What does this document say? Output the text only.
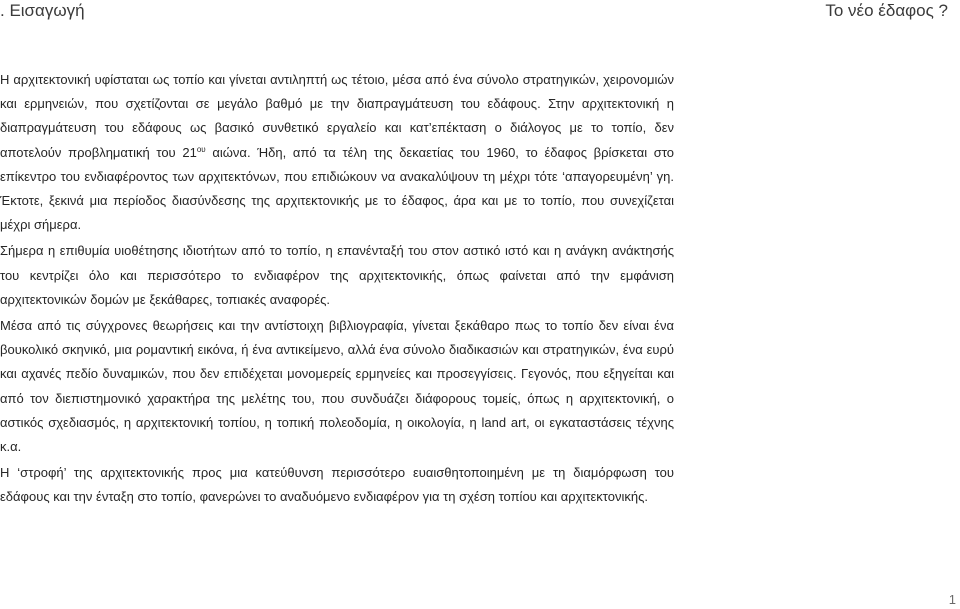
. Εισαγωγή	Το νέο έδαφος ?

Η αρχιτεκτονική υφίσταται ως τοπίο και γίνεται αντιληπτή ως τέτοιο, μέσα από ένα σύνολο στρατηγικών, χειρονομιών και ερμηνειών, που σχετίζονται σε μεγάλο βαθμό με την διαπραγμάτευση του εδάφους. Στην αρχιτεκτονική η διαπραγμάτευση του εδάφους ως βασικό συνθετικό εργαλείο και κατ’επέκταση ο διάλογος με το τοπίο, δεν αποτελούν προβληματική του $21^{o\upsilon}$ αιώνα. Ήδη, από τα τέλη της δεκαετίας του 1960, το έδαφος βρίσκεται στο επίκεντρο του ενδιαφέροντος των αρχιτεκτόνων, που επιδιώκουν να ανακαλύψουν τη μέχρι τότε ‘απαγορευμένη’ γη. Έκτοτε, ξεκινά μια περίοδος διασύνδεσης της αρχιτεκτονικής με το έδαφος, άρα και με το τοπίο, που συνεχίζεται μέχρι σήμερα.

Σήμερα η επιθυμία υιοθέτησης ιδιοτήτων από το τοπίο, η επανένταξή του στον αστικό ιστό και η ανάγκη ανάκτησής του κεντρίζει όλο και περισσότερο το ενδιαφέρον της αρχιτεκτονικής, όπως φαίνεται από την εμφάνιση αρχιτεκτονικών δομών με ξεκάθαρες, τοπιακές αναφορές.

Μέσα από τις σύγχρονες θεωρήσεις και την αντίστοιχη βιβλιογραφία, γίνεται ξεκάθαρο πως το τοπίο δεν είναι ένα βουκολικό σκηνικό, μια ρομαντική εικόνα, ή ένα αντικείμενο, αλλά ένα σύνολο διαδικασιών και στρατηγικών, ένα ευρύ και αχανές πεδίο δυναμικών, που δεν επιδέχεται μονομερείς ερμηνείες και προσεγγίσεις. Γεγονός, που εξηγείται και από τον διεπιστημονικό χαρακτήρα της μελέτης του, που συνδυάζει διάφορους τομείς, όπως η αρχιτεκτονική, ο αστικός σχεδιασμός, η αρχιτεκτονική τοπίου, η τοπική πολεοδομία, η οικολογία, η land art, οι εγκαταστάσεις τέχνης κ.α.

Η ‘στροφή’ της αρχιτεκτονικής προς μια κατεύθυνση περισσότερο ευαισθητοποιημένη με τη διαμόρφωση του εδάφους και την ένταξη στο τοπίο, φανερώνει το αναδυόμενο ενδιαφέρον για τη σχέση τοπίου και αρχιτεκτονικής.

1
